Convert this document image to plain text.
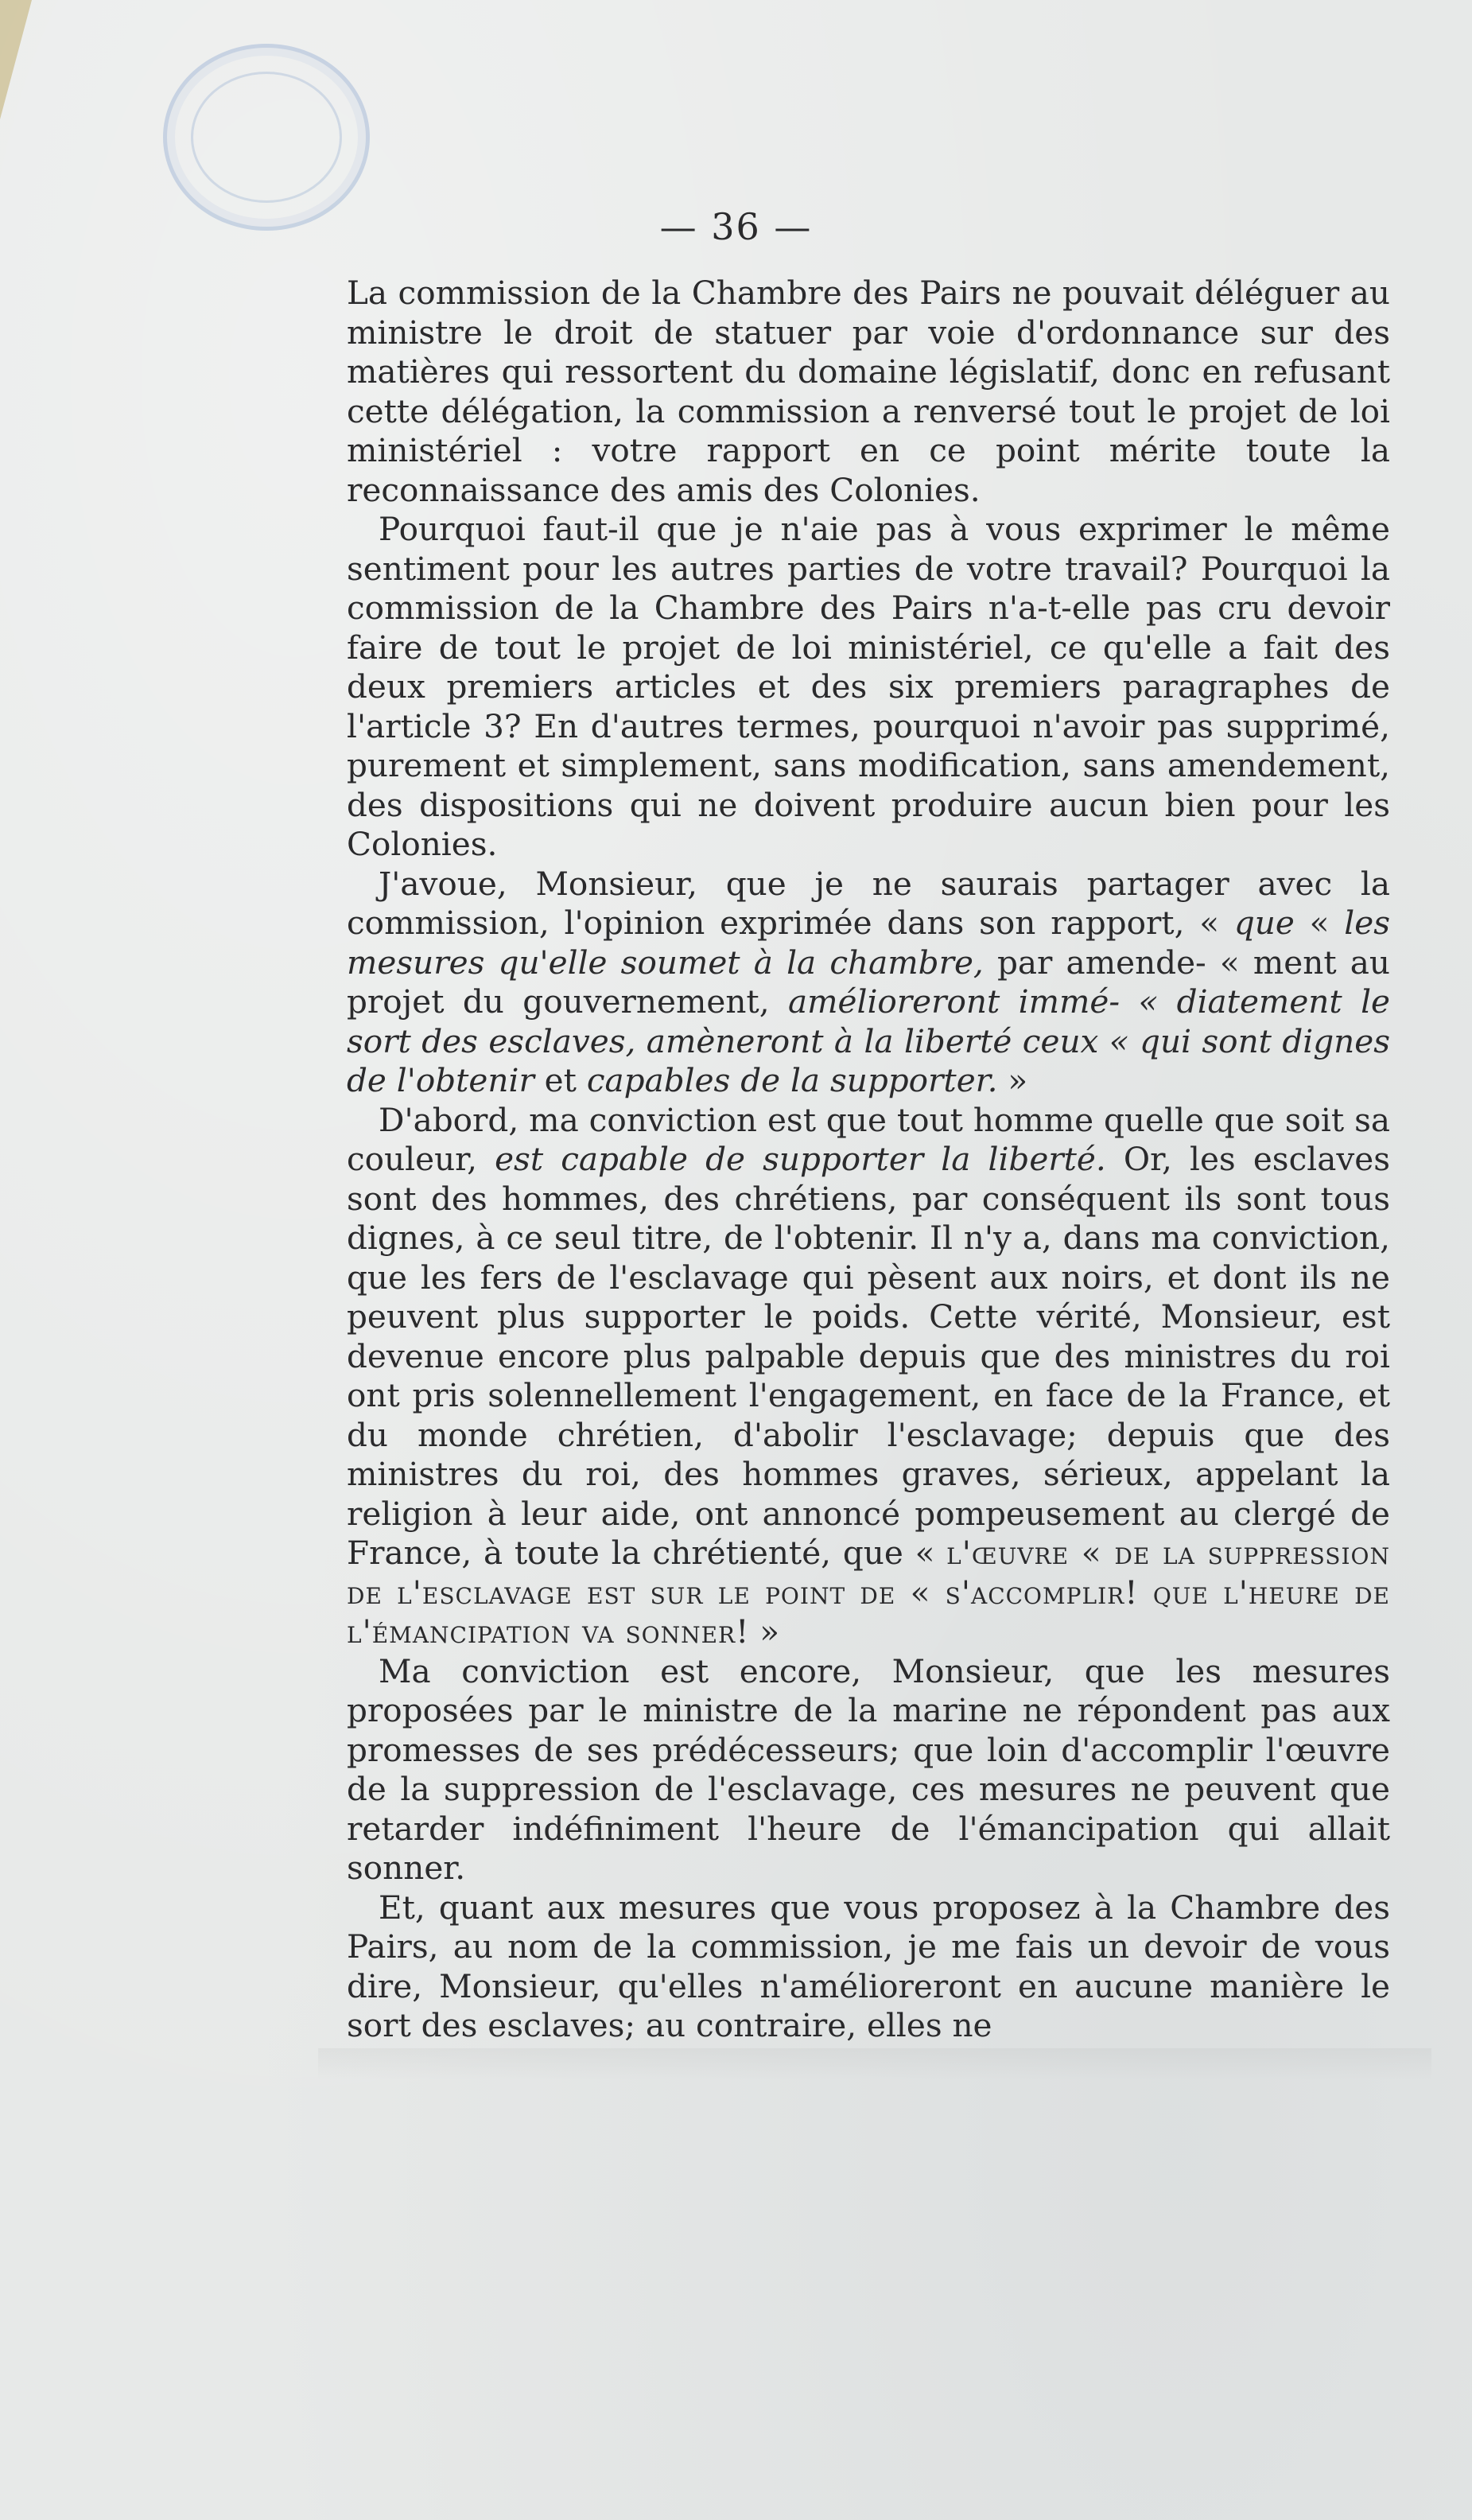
— 36 —

La commission de la Chambre des Pairs ne pouvait déléguer au ministre le droit de statuer par voie d'ordonnance sur des matières qui ressortent du domaine législatif, donc en refusant cette délégation, la commission a renversé tout le projet de loi ministériel : votre rapport en ce point mérite toute la reconnaissance des amis des Colonies.

Pourquoi faut-il que je n'aie pas à vous exprimer le même sentiment pour les autres parties de votre travail? Pourquoi la commission de la Chambre des Pairs n'a-t-elle pas cru devoir faire de tout le projet de loi ministériel, ce qu'elle a fait des deux premiers articles et des six premiers paragraphes de l'article 3? En d'autres termes, pourquoi n'avoir pas supprimé, purement et simplement, sans modification, sans amendement, des dispositions qui ne doivent produire aucun bien pour les Colonies.

J'avoue, Monsieur, que je ne saurais partager avec la commission, l'opinion exprimée dans son rapport, « que « les mesures qu'elle soumet à la chambre, par amende- « ment au projet du gouvernement, amélioreront immé- « diatement le sort des esclaves, amèneront à la liberté ceux « qui sont dignes de l'obtenir et capables de la supporter. »

D'abord, ma conviction est que tout homme quelle que soit sa couleur, est capable de supporter la liberté. Or, les esclaves sont des hommes, des chrétiens, par conséquent ils sont tous dignes, à ce seul titre, de l'obtenir. Il n'y a, dans ma conviction, que les fers de l'esclavage qui pèsent aux noirs, et dont ils ne peuvent plus supporter le poids. Cette vérité, Monsieur, est devenue encore plus palpable depuis que des ministres du roi ont pris solennellement l'engagement, en face de la France, et du monde chrétien, d'abolir l'esclavage; depuis que des ministres du roi, des hommes graves, sérieux, appelant la religion à leur aide, ont annoncé pompeusement au clergé de France, à toute la chrétienté, que « l'œuvre « de la suppression de l'esclavage est sur le point de « s'accomplir! que l'heure de l'émancipation va sonner! »

Ma conviction est encore, Monsieur, que les mesures proposées par le ministre de la marine ne répondent pas aux promesses de ses prédécesseurs; que loin d'accomplir l'œuvre de la suppression de l'esclavage, ces mesures ne peuvent que retarder indéfiniment l'heure de l'émancipation qui allait sonner.

Et, quant aux mesures que vous proposez à la Chambre des Pairs, au nom de la commission, je me fais un devoir de vous dire, Monsieur, qu'elles n'amélioreront en aucune manière le sort des esclaves; au contraire, elles ne
